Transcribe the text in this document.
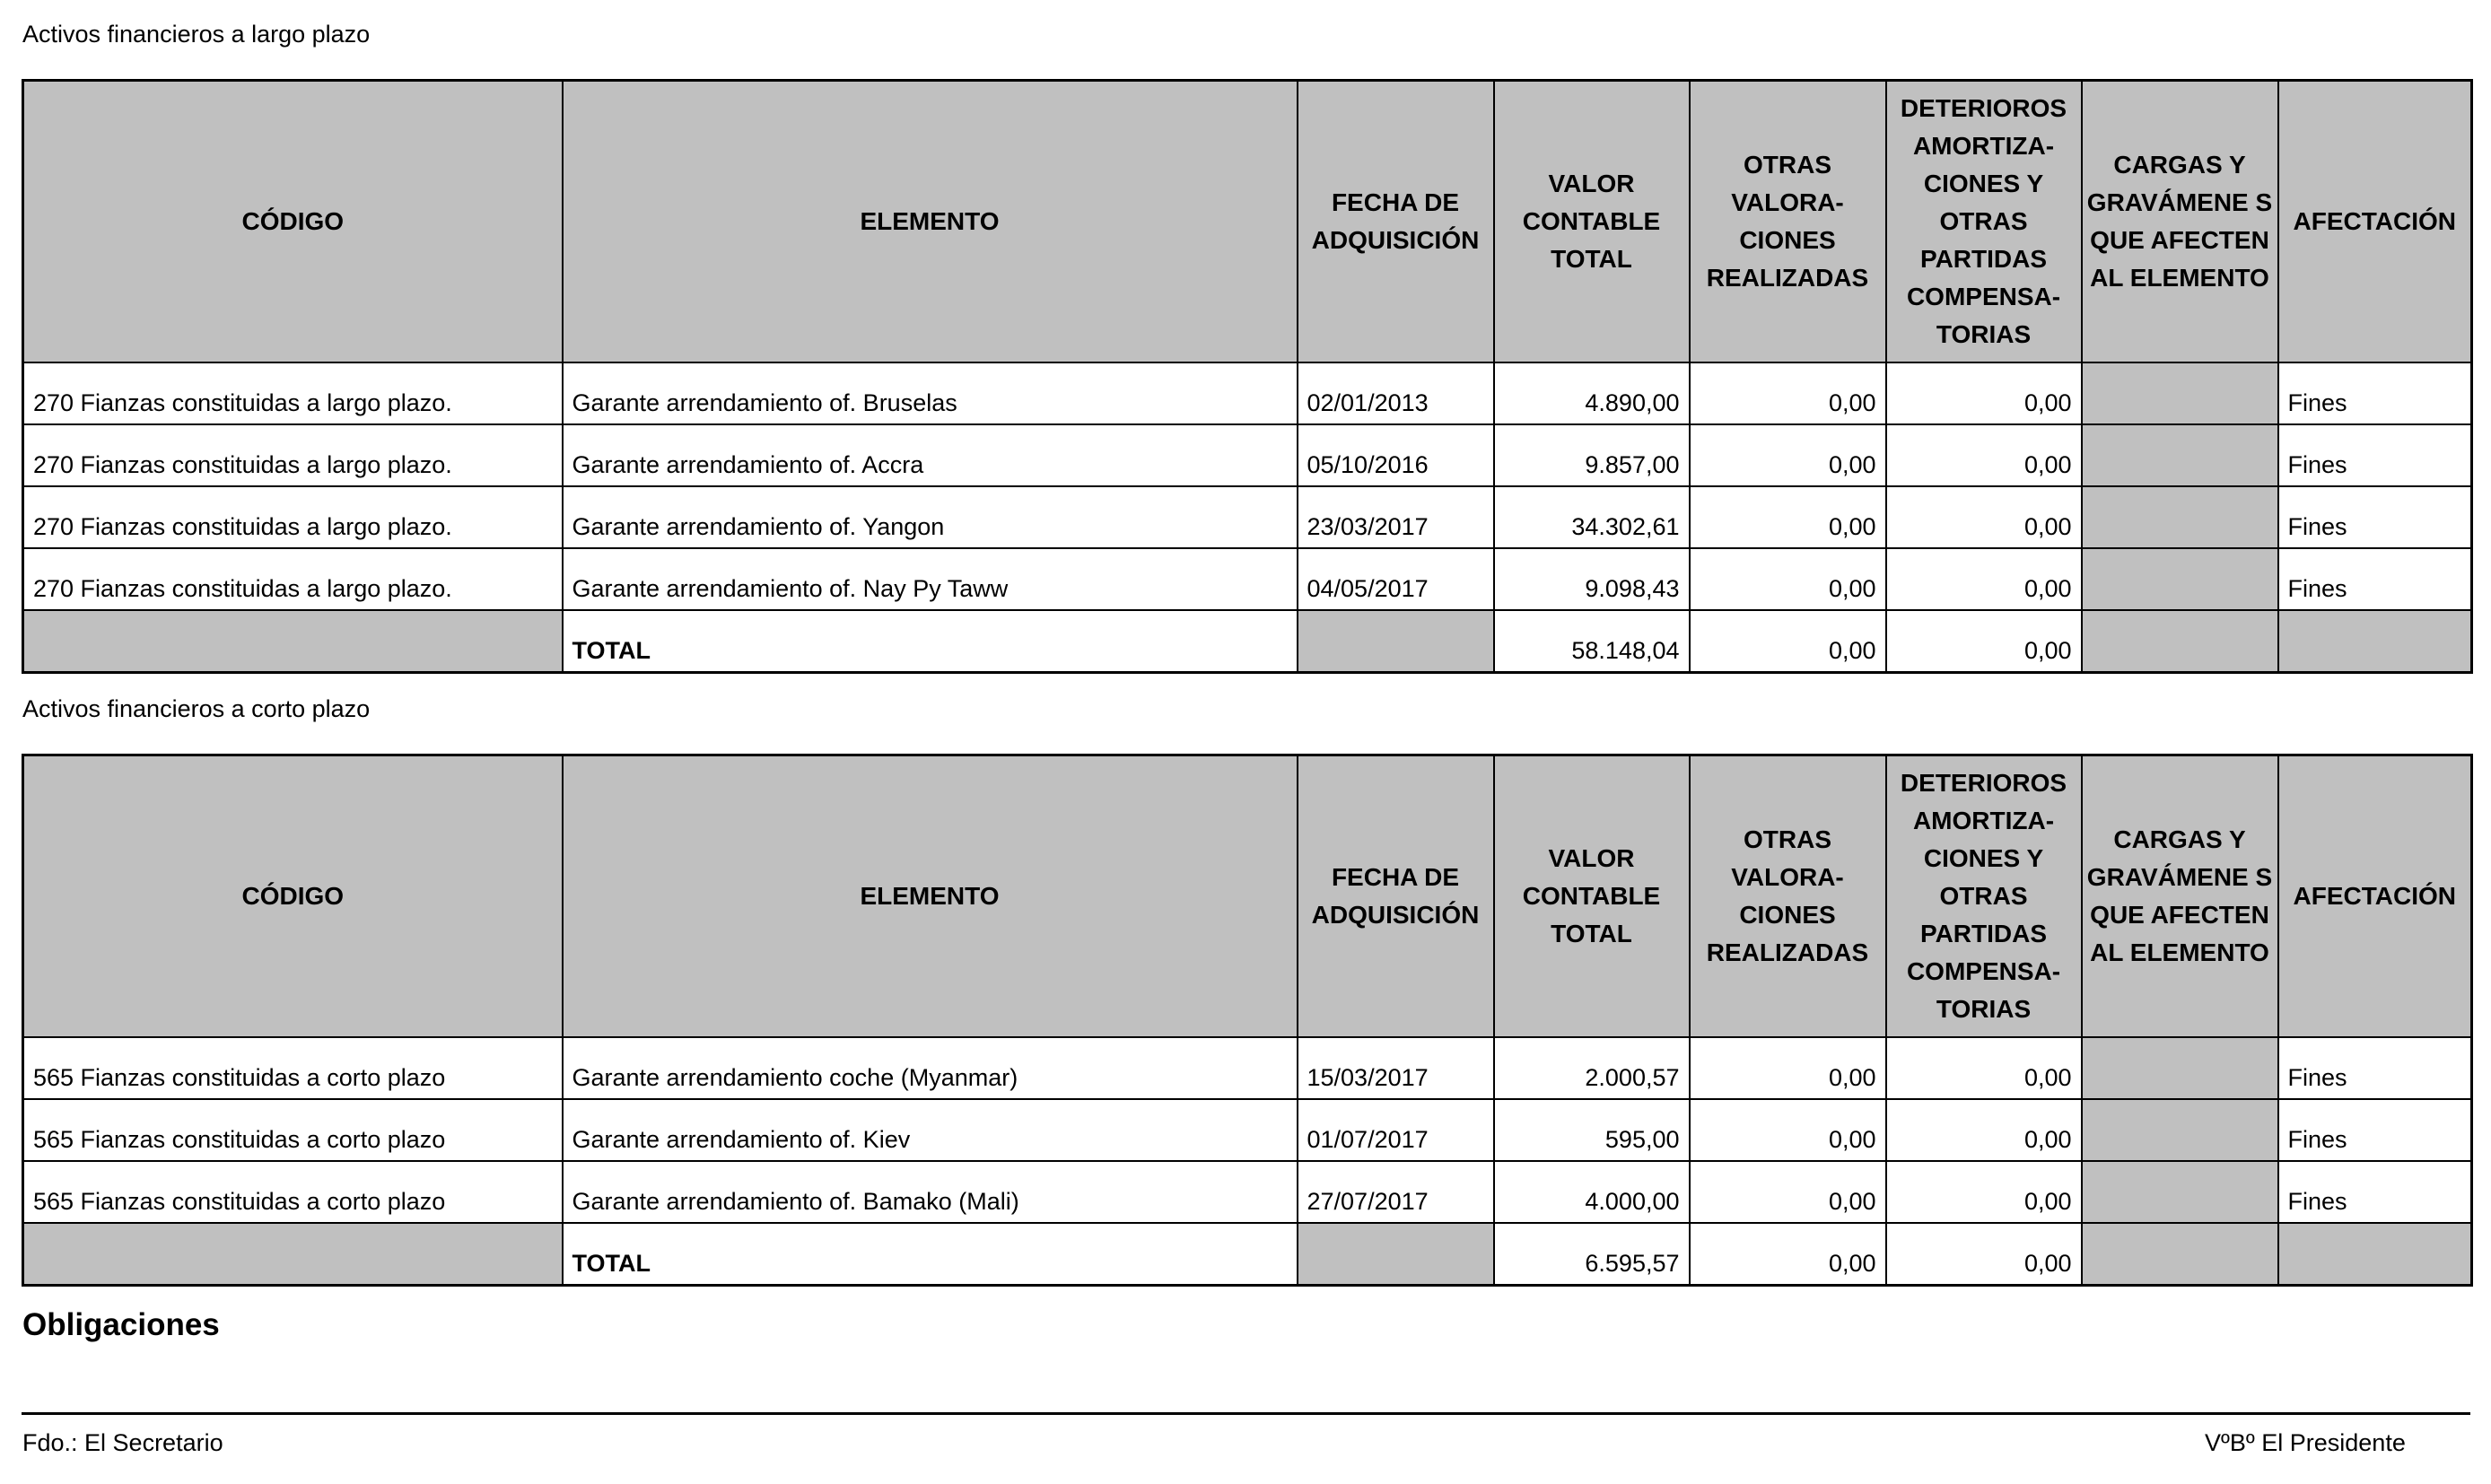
Activos financieros a largo plazo
CÓDIGO	ELEMENTO	FECHA DE ADQUISICIÓN	VALOR CONTABLE TOTAL	OTRAS VALORA-CIONES REALIZADAS	DETERIOROS AMORTIZA-CIONES Y OTRAS PARTIDAS COMPENSA-TORIAS	CARGAS Y GRAVÁMENE S QUE AFECTEN AL ELEMENTO	AFECTACIÓN
270 Fianzas constituidas a largo plazo.	Garante arrendamiento of. Bruselas	02/01/2013	4.890,00	0,00	0,00		Fines
270 Fianzas constituidas a largo plazo.	Garante arrendamiento of. Accra	05/10/2016	9.857,00	0,00	0,00		Fines
270 Fianzas constituidas a largo plazo.	Garante arrendamiento of. Yangon	23/03/2017	34.302,61	0,00	0,00		Fines
270 Fianzas constituidas a largo plazo.	Garante arrendamiento of. Nay Py Taww	04/05/2017	9.098,43	0,00	0,00		Fines
	TOTAL		58.148,04	0,00	0,00		
Activos financieros a corto plazo
CÓDIGO	ELEMENTO	FECHA DE ADQUISICIÓN	VALOR CONTABLE TOTAL	OTRAS VALORA-CIONES REALIZADAS	DETERIOROS AMORTIZA-CIONES Y OTRAS PARTIDAS COMPENSA-TORIAS	CARGAS Y GRAVÁMENE S QUE AFECTEN AL ELEMENTO	AFECTACIÓN
565 Fianzas constituidas a corto plazo	Garante arrendamiento coche (Myanmar)	15/03/2017	2.000,57	0,00	0,00		Fines
565 Fianzas constituidas a corto plazo	Garante arrendamiento of. Kiev	01/07/2017	595,00	0,00	0,00		Fines
565 Fianzas constituidas a corto plazo	Garante arrendamiento of. Bamako (Mali)	27/07/2017	4.000,00	0,00	0,00		Fines
	TOTAL		6.595,57	0,00	0,00		
Obligaciones
Fdo.: El Secretario	VºBº El Presidente
